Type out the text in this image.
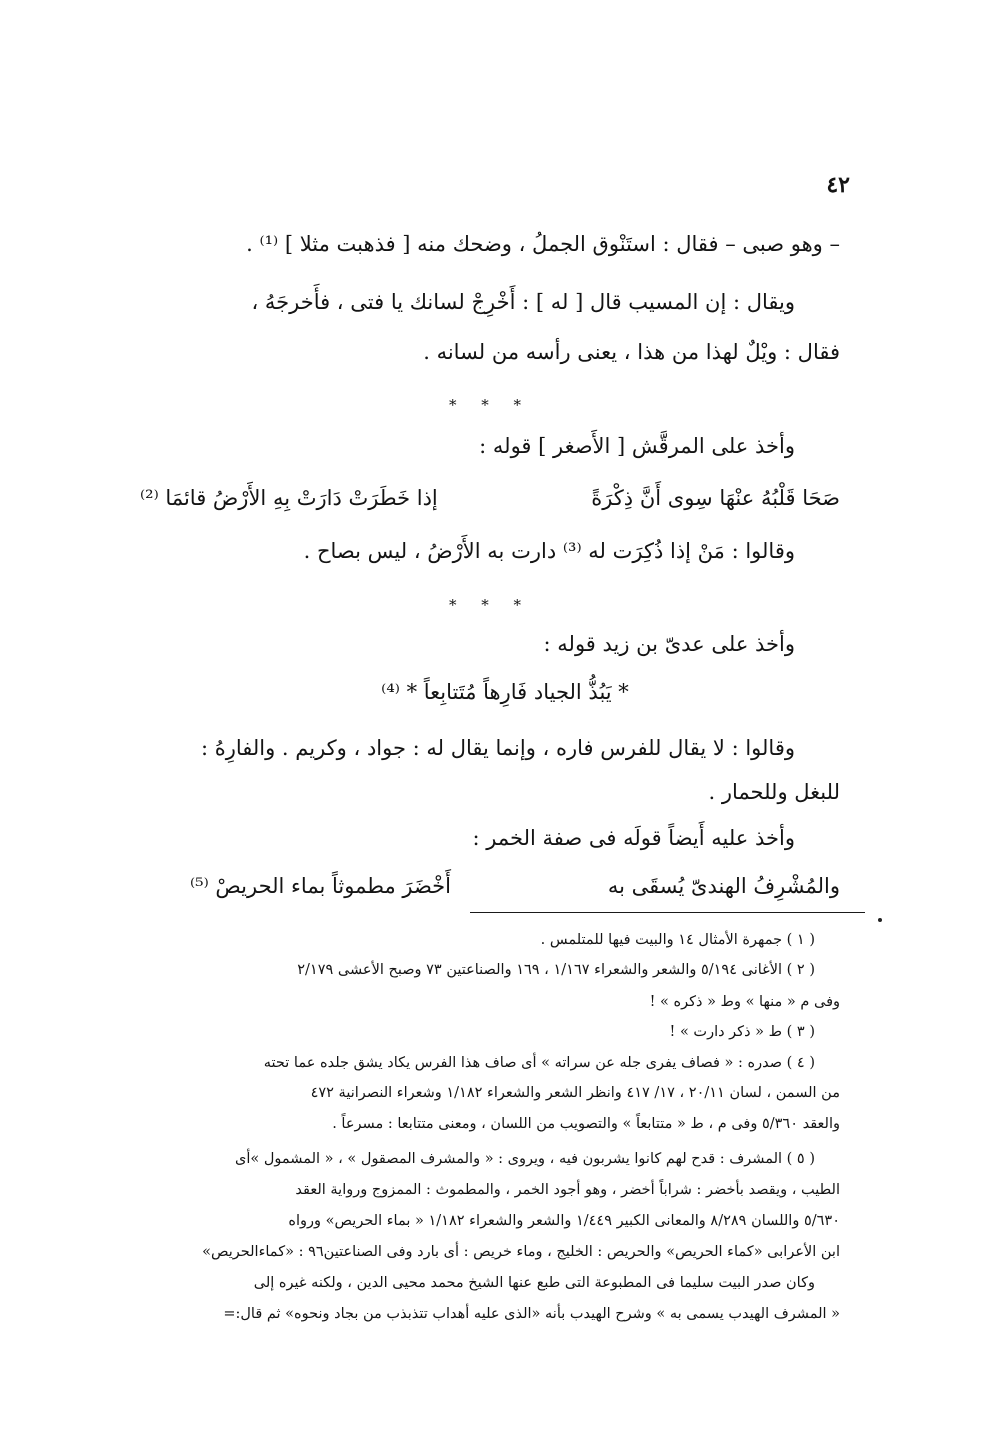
٤٢
– وهو صبى – فقال : استَنْوق الجملُ ، وضحك منه [ فذهبت مثلا ] ⁽¹⁾ .
ويقال : إن المسيب قال [ له ] : أَخْرِجْ لسانك يا فتى ، فأَخرجَهُ ،
فقال : ويْلٌ لهذا من هذا ، يعنى رأسه من لسانه .
* * *
وأخذ على المرقَّش [ الأَصغر ] قوله :
صَحَا قَلْبُهُ عنْهَا سِوى أَنَّ ذِكْرَةً
إذا خَطَرَتْ دَارَتْ بِهِ الأَرْضُ قائمَا ⁽²⁾
وقالوا : مَنْ إذا ذُكِرَت له ⁽³⁾ دارت به الأَرْضُ ، ليس بصاح .
* * *
وأخذ على عدىّ بن زيد قوله :
* يَبُذُّ الجياد فَارِهاً مُتَتابِعاً * ⁽⁴⁾
وقالوا : لا يقال للفرس فاره ، وإنما يقال له : جواد ، وكريم . والفارِهُ :
للبغل وللحمار .
وأخذ عليه أَيضاً قولَه فى صفة الخمر :
والمُشْرِفُ الهندىّ يُسقَى به
أَخْضَرَ مطموثاً بماء الحريصْ ⁽⁵⁾
( ١ ) جمهرة الأمثال ١٤ والبيت فيها للمتلمس .
( ٢ ) الأغانى ٥/١٩٤ والشعر والشعراء ١/١٦٧ ، ١٦٩ والصناعتين ٧٣ وصبح الأعشى ٢/١٧٩
وفى م « منها » وط « ذكره » !
( ٣ ) ط « ذكر دارت » !
( ٤ ) صدره : « فصاف يفرى جله عن سراته » أى صاف هذا الفرس يكاد يشق جلده عما تحته
من السمن ، لسان ٢٠/١١ ، ١٧/ ٤١٧ وانظر الشعر والشعراء ١/١٨٢ وشعراء النصرانية ٤٧٢
والعقد ٥/٣٦٠ وفى م ، ط « متتابعاً » والتصويب من اللسان ، ومعنى متتابعا : مسرعاً .
( ٥ ) المشرف : قدح لهم كانوا يشربون فيه ، ويروى : « والمشرف المصقول » ، « المشمول »أى
الطيب ، ويقصد بأخضر : شراباً أخضر ، وهو أجود الخمر ، والمطموث : الممزوج ورواية العقد
٥/٦٣٠ واللسان ٨/٢٨٩ والمعانى الكبير ١/٤٤٩ والشعر والشعراء ١/١٨٢ « بماء الحريص» ورواه
ابن الأعرابى «كماء الحريص» والحريص : الخليج ، وماء خريص : أى بارد وفى الصناعتين٩٦ : «كماءالحريص»
وكان صدر البيت سليما فى المطبوعة التى طبع عنها الشيخ محمد محيى الدين ، ولكنه غيره إلى
« المشرف الهيدب يسمى به » وشرح الهيدب بأنه «الذى عليه أهداب تتذبذب من بجاد ونحوه» ثم قال:=
